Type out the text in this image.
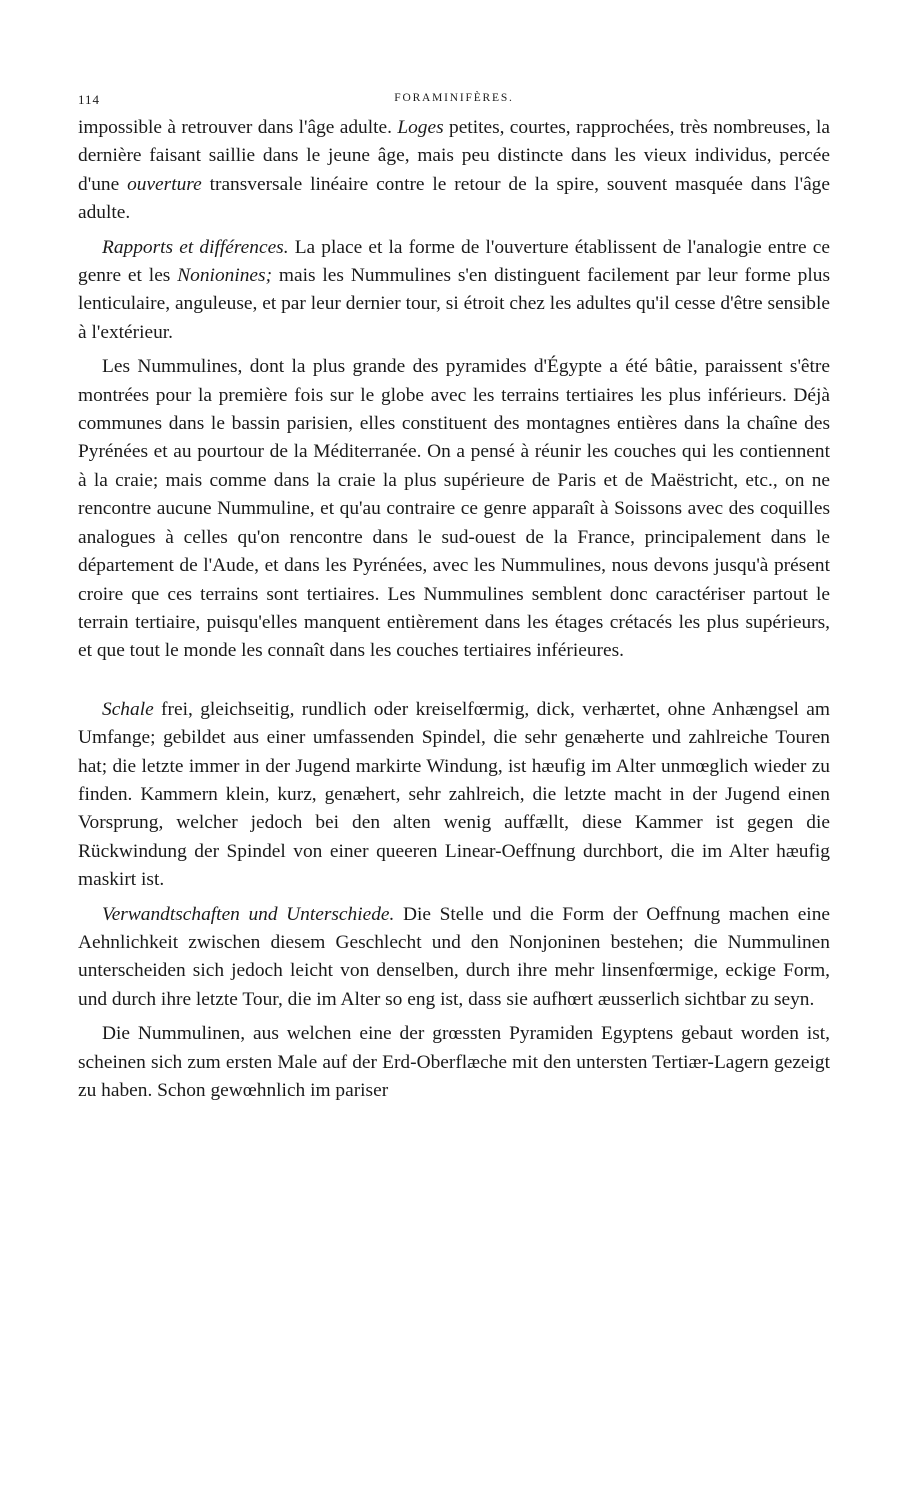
114	FORAMINIFÈRES.

impossible à retrouver dans l'âge adulte. Loges petites, courtes, rapprochées, très nombreuses, la dernière faisant saillie dans le jeune âge, mais peu distincte dans les vieux individus, percée d'une ouverture transversale linéaire contre le retour de la spire, souvent masquée dans l'âge adulte.

Rapports et différences. La place et la forme de l'ouverture établissent de l'analogie entre ce genre et les Nonionines; mais les Nummulines s'en distinguent facilement par leur forme plus lenticulaire, anguleuse, et par leur dernier tour, si étroit chez les adultes qu'il cesse d'être sensible à l'extérieur.

Les Nummulines, dont la plus grande des pyramides d'Égypte a été bâtie, paraissent s'être montrées pour la première fois sur le globe avec les terrains tertiaires les plus inférieurs. Déjà communes dans le bassin parisien, elles constituent des montagnes entières dans la chaîne des Pyrénées et au pourtour de la Méditerranée. On a pensé à réunir les couches qui les contiennent à la craie; mais comme dans la craie la plus supérieure de Paris et de Maëstricht, etc., on ne rencontre aucune Nummuline, et qu'au contraire ce genre apparaît à Soissons avec des coquilles analogues à celles qu'on rencontre dans le sud-ouest de la France, principalement dans le département de l'Aude, et dans les Pyrénées, avec les Nummulines, nous devons jusqu'à présent croire que ces terrains sont tertiaires. Les Nummulines semblent donc caractériser partout le terrain tertiaire, puisqu'elles manquent entièrement dans les étages crétacés les plus supérieurs, et que tout le monde les connaît dans les couches tertiaires inférieures.

Schale frei, gleichseitig, rundlich oder kreiselfœrmig, dick, verhærtet, ohne Anhængsel am Umfange; gebildet aus einer umfassenden Spindel, die sehr genæherte und zahlreiche Touren hat; die letzte immer in der Jugend markirte Windung, ist hæufig im Alter unmœglich wieder zu finden. Kammern klein, kurz, genæhert, sehr zahlreich, die letzte macht in der Jugend einen Vorsprung, welcher jedoch bei den alten wenig auffællt, diese Kammer ist gegen die Rückwindung der Spindel von einer queeren Linear-Oeffnung durchbort, die im Alter hæufig maskirt ist.

Verwandtschaften und Unterschiede. Die Stelle und die Form der Oeffnung machen eine Aehnlichkeit zwischen diesem Geschlecht und den Nonjoninen bestehen; die Nummulinen unterscheiden sich jedoch leicht von denselben, durch ihre mehr linsenfœrmige, eckige Form, und durch ihre letzte Tour, die im Alter so eng ist, dass sie aufhœrt æusserlich sichtbar zu seyn.

Die Nummulinen, aus welchen eine der grœssten Pyramiden Egyptens gebaut worden ist, scheinen sich zum ersten Male auf der Erd-Oberflæche mit den untersten Tertiær-Lagern gezeigt zu haben. Schon gewœhnlich im pariser
